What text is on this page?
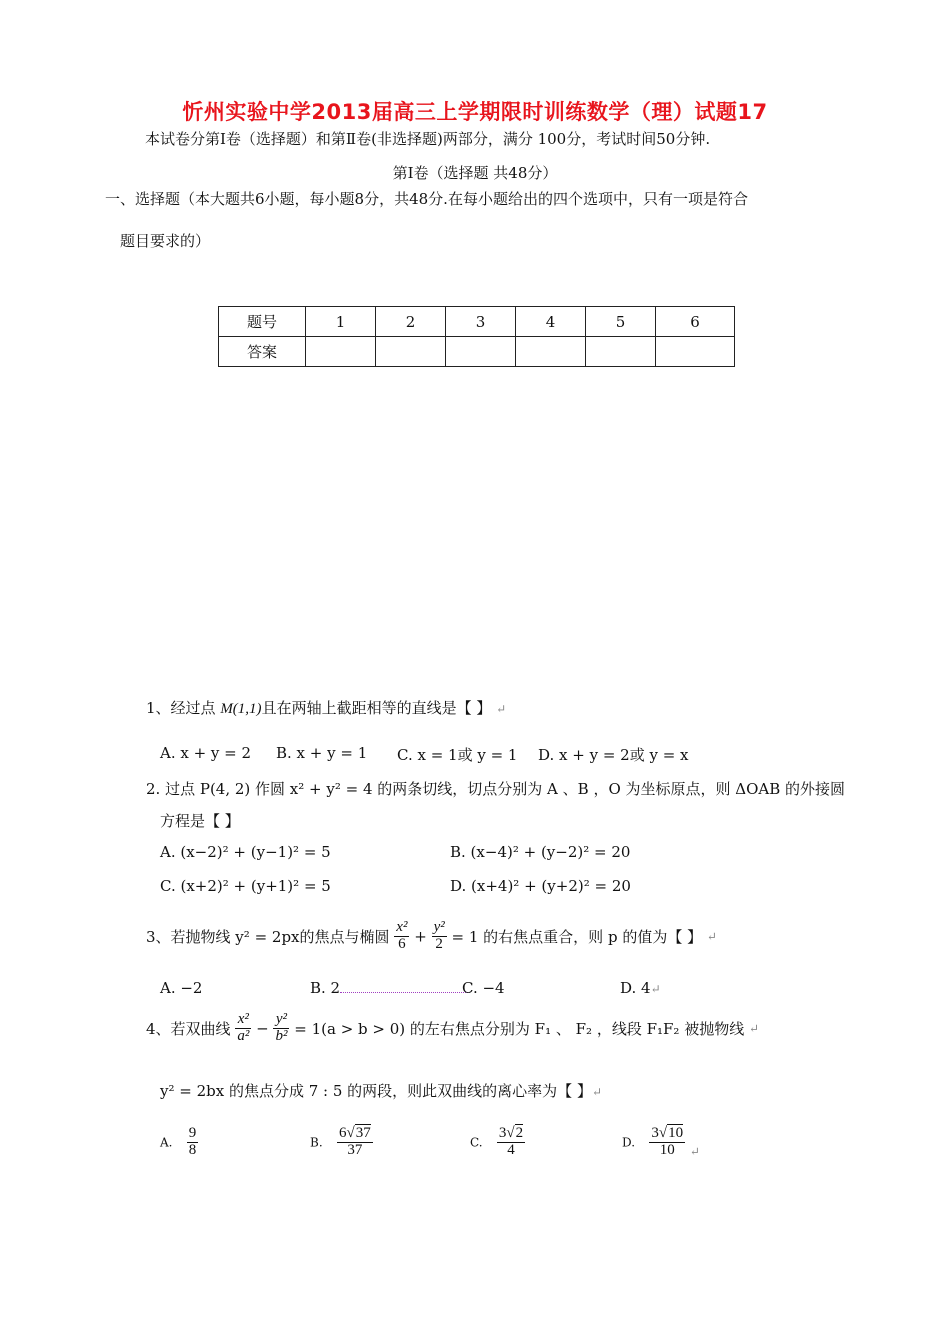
忻州实验中学2013届高三上学期限时训练数学（理）试题17
本试卷分第Ⅰ卷（选择题）和第Ⅱ卷(非选择题)两部分，满分 100分，考试时间50分钟.
第Ⅰ卷（选择题 共48分）
一、选择题（本大题共6小题，每小题8分，共48分.在每小题给出的四个选项中，只有一项是符合
题目要求的）
题号	1	2	3	4	5	6
答案						
1、经过点 M(1,1)且在两轴上截距相等的直线是【 】 ↵
A. x + y = 2 B. x + y = 1 C. x = 1或 y = 1 D. x + y = 2或 y = x
2. 过点 P(4, 2) 作圆 x² + y² = 4 的两条切线，切点分别为 A 、B ，O 为坐标原点，则 ΔOAB 的外接圆
方程是【 】
A. (x−2)² + (y−1)² = 5	B. (x−4)² + (y−2)² = 20
C. (x+2)² + (y+1)² = 5	D. (x+4)² + (y+2)² = 20
3、若抛物线 y² = 2px的焦点与椭圆 $\frac{\text{x²}}{6} + \frac{\text{y²}}{2} = 1$ 的右焦点重合，则 p 的值为【 】 ↵
A. −2	B. 2	C. −4	D. 4↵
4、若双曲线 $\frac{\text{x²}}{\text{a²}} - \frac{\text{y²}}{\text{b²}} = 1(a > b > 0)$ 的左右焦点分别为 F₁ 、 F₂ ，线段 F₁F₂ 被抛物线 ↵
y² = 2bx 的焦点分成 7 : 5 的两段，则此双曲线的离心率为【 】↵
A. $\frac{9}{8}$	B. $\frac{6√37}{37}$	C. $\frac{3√2}{4}$	D. $\frac{3√10}{10}$ ↵
